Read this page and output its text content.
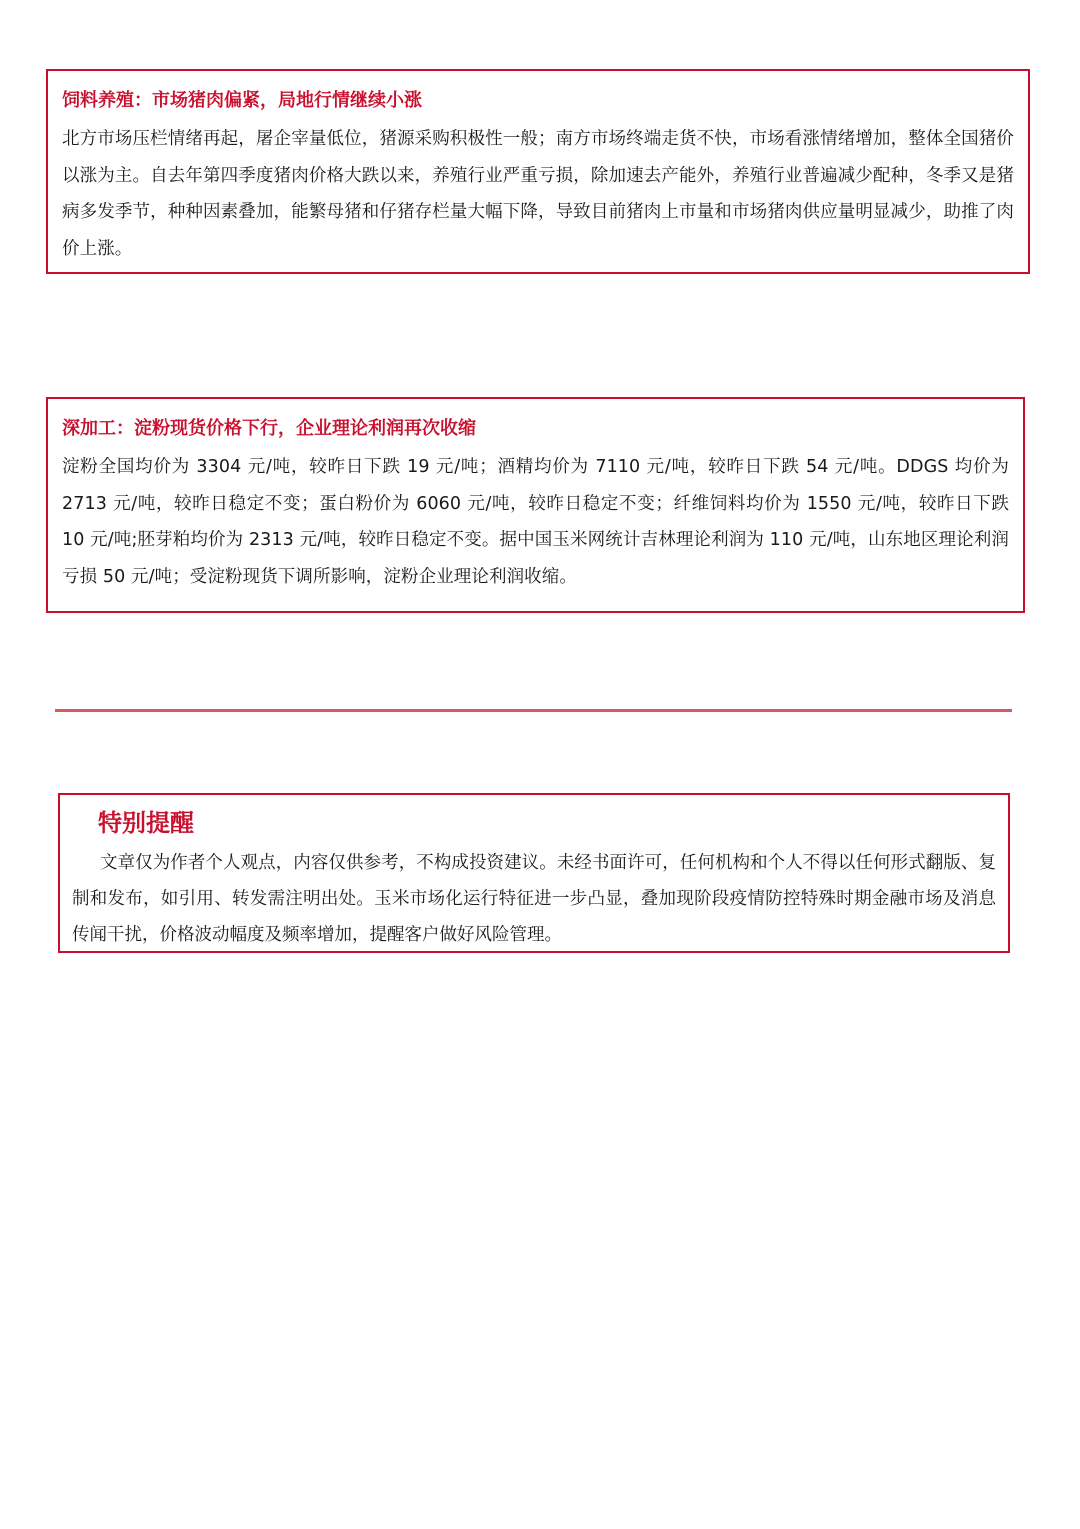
饲料养殖：市场猪肉偏紧，局地行情继续小涨

北方市场压栏情绪再起，屠企宰量低位，猪源采购积极性一般；南方市场终端走货不快，市场看涨情绪增加，整体全国猪价以涨为主。自去年第四季度猪肉价格大跌以来，养殖行业严重亏损，除加速去产能外，养殖行业普遍减少配种，冬季又是猪病多发季节，种种因素叠加，能繁母猪和仔猪存栏量大幅下降，导致目前猪肉上市量和市场猪肉供应量明显减少，助推了肉价上涨。

深加工：淀粉现货价格下行，企业理论利润再次收缩

淀粉全国均价为 3304 元/吨，较昨日下跌 19 元/吨；酒精均价为 7110 元/吨，较昨日下跌 54 元/吨。DDGS 均价为 2713 元/吨，较昨日稳定不变；蛋白粉价为 6060 元/吨，较昨日稳定不变；纤维饲料均价为 1550 元/吨，较昨日下跌 10 元/吨;胚芽粕均价为 2313 元/吨，较昨日稳定不变。据中国玉米网统计吉林理论利润为 110 元/吨，山东地区理论利润亏损 50 元/吨；受淀粉现货下调所影响，淀粉企业理论利润收缩。

特别提醒

文章仅为作者个人观点，内容仅供参考，不构成投资建议。未经书面许可，任何机构和个人不得以任何形式翻版、复制和发布，如引用、转发需注明出处。玉米市场化运行特征进一步凸显，叠加现阶段疫情防控特殊时期金融市场及消息传闻干扰，价格波动幅度及频率增加，提醒客户做好风险管理。
